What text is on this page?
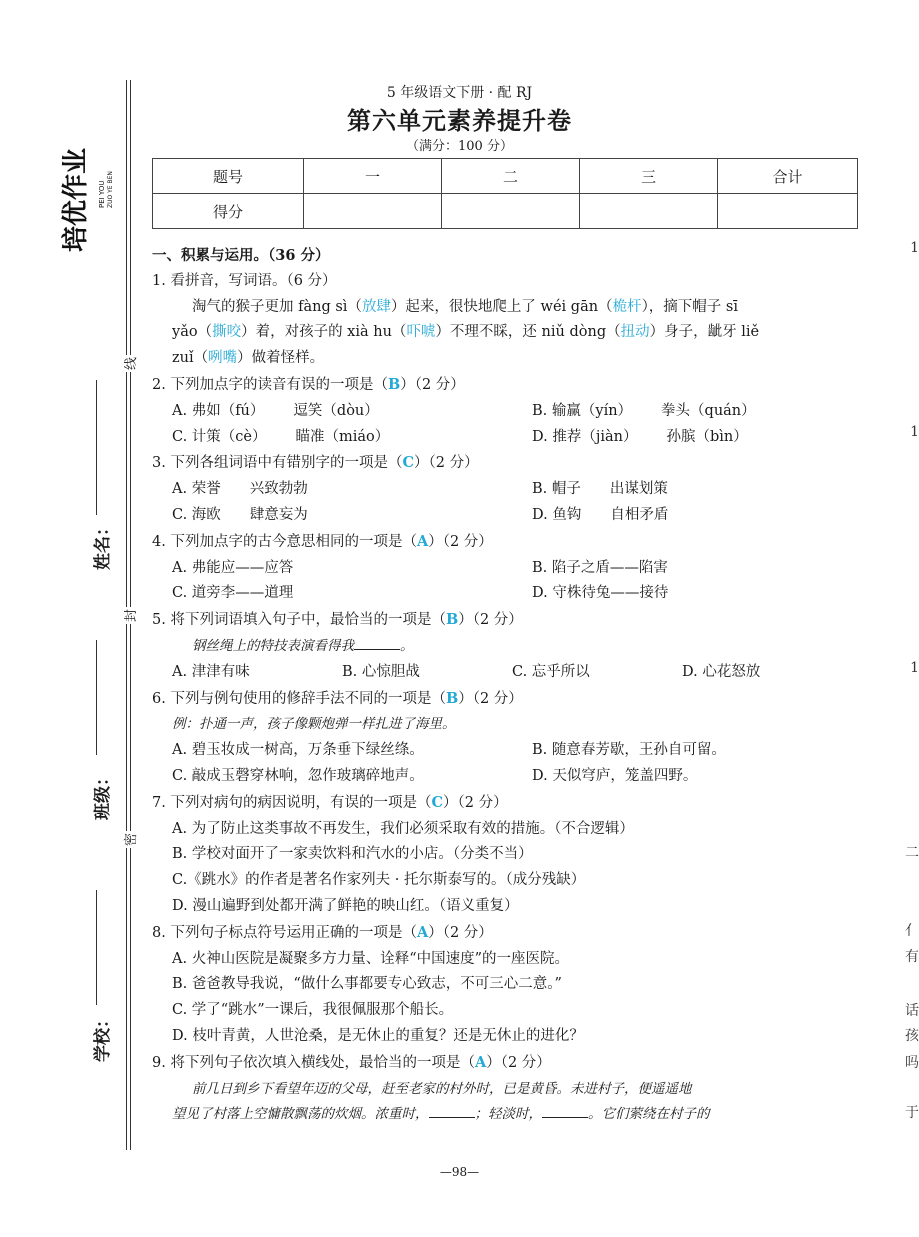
培优作业 PEI YOU ZUO YE BEN
线
封
密
姓名：
班级：
学校：
5 年级语文下册 · 配 RJ
第六单元素养提升卷
（满分：100 分）
题号	一	二	三	合计
得分				

一、积累与运用。（36 分）

1. 看拼音，写词语。（6 分）

淘气的猴子更加 fàng sì（放肆）起来，很快地爬上了 wéi gān（桅杆），摘下帽子 sī

yǎo（撕咬）着，对孩子的 xià hu（吓唬）不理不睬，还 niǔ dòng（扭动）身子，龇牙 liě

zuǐ（咧嘴）做着怪样。

2. 下列加点字的读音有误的一项是（B）（2 分）

A. 弗如（fú）   逗笑（dòu）	B. 输赢（yín）   拳头（quán）
C. 计策（cè）   瞄准（miáo）	D. 推荐（jiàn）   孙膑（bìn）

3. 下列各组词语中有错别字的一项是（C）（2 分）

A. 荣誉   兴致勃勃	B. 帽子   出谋划策
C. 海欧   肆意妄为	D. 鱼钩   自相矛盾

4. 下列加点字的古今意思相同的一项是（A）（2 分）

A. 弗能应——应答	B. 陷子之盾——陷害
C. 道旁李——道理	D. 守株待兔——接待

5. 将下列词语填入句子中，最恰当的一项是（B）（2 分）

钢丝绳上的特技表演看得我	。

A. 津津有味	B. 心惊胆战	C. 忘乎所以	D. 心花怒放

6. 下列与例句使用的修辞手法不同的一项是（B）（2 分）

例：扑通一声，孩子像颗炮弹一样扎进了海里。

A. 碧玉妆成一树高，万条垂下绿丝绦。	B. 随意春芳歇，王孙自可留。
C. 敲成玉磬穿林响，忽作玻璃碎地声。	D. 天似穹庐，笼盖四野。

7. 下列对病句的病因说明，有误的一项是（C）（2 分）

A. 为了防止这类事故不再发生，我们必须采取有效的措施。（不合逻辑）

B. 学校对面开了一家卖饮料和汽水的小店。（分类不当）

C.《跳水》的作者是著名作家列夫 · 托尔斯泰写的。（成分残缺）

D. 漫山遍野到处都开满了鲜艳的映山红。（语义重复）

8. 下列句子标点符号运用正确的一项是（A）（2 分）

A. 火神山医院是凝聚多方力量、诠释“中国速度”的一座医院。

B. 爸爸教导我说，“做什么事都要专心致志，不可三心二意。”

C. 学了“跳水”一课后，我很佩服那个船长。

D. 枝叶青黄，人世沧桑，是无休止的重复？还是无休止的进化？

9. 将下列句子依次填入横线处，最恰当的一项是（A）（2 分）

前几日到乡下看望年迈的父母，赶至老家的村外时，已是黄昏。未进村子，便遥遥地

望见了村落上空慵散飘荡的炊烟。浓重时，	；轻淡时，	。它们萦绕在村子的

—98—
1
1
1
二
亻
有
话
孩
吗
于
